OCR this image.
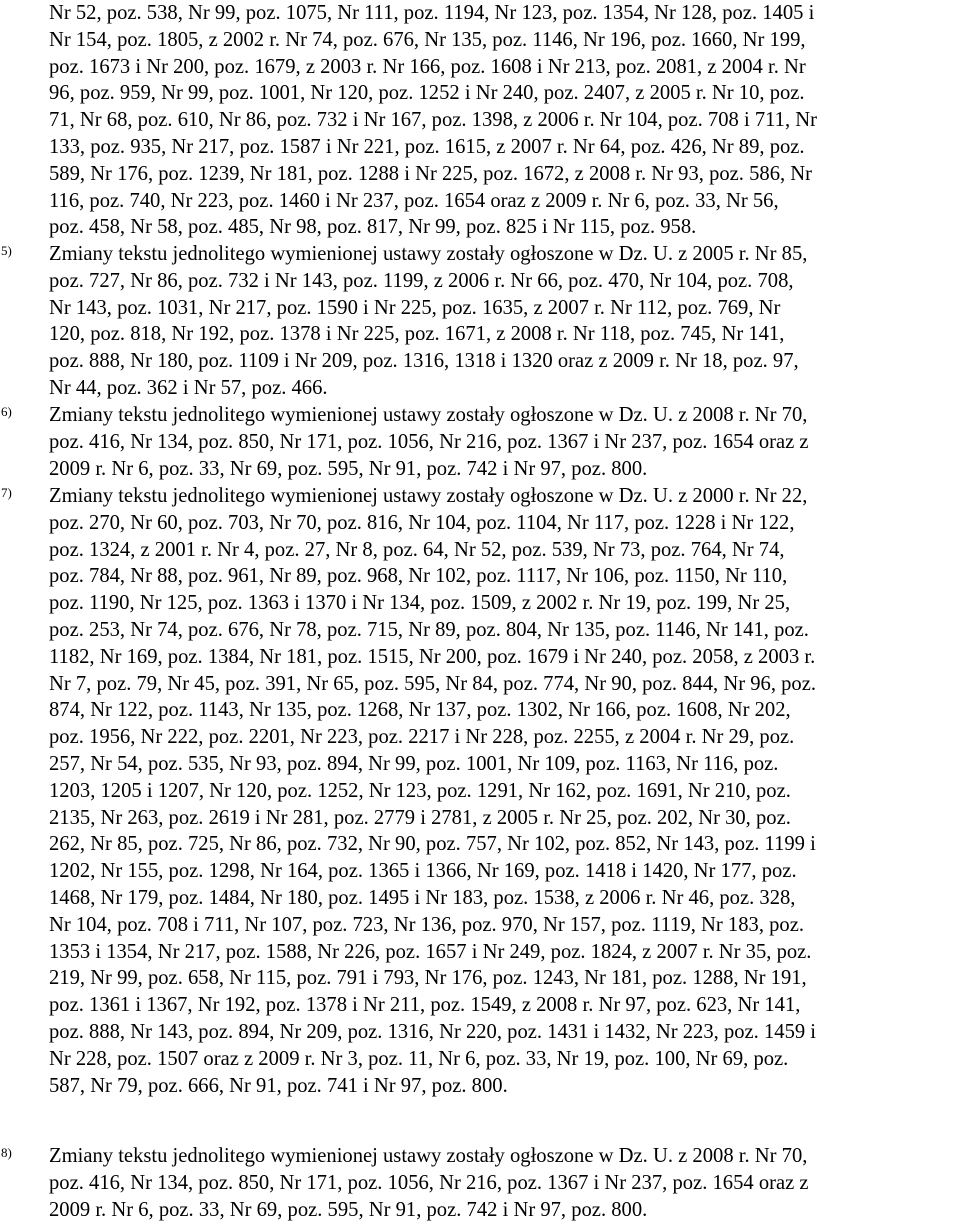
Nr 52, poz. 538, Nr 99, poz. 1075, Nr 111, poz. 1194, Nr 123, poz. 1354, Nr 128, poz. 1405 i
Nr 154, poz. 1805, z 2002 r. Nr 74, poz. 676, Nr 135, poz. 1146, Nr 196, poz. 1660, Nr 199,
poz. 1673 i Nr 200, poz. 1679, z 2003 r. Nr 166, poz. 1608 i Nr 213, poz. 2081, z 2004 r. Nr
96, poz. 959, Nr 99, poz. 1001, Nr 120, poz. 1252 i Nr 240, poz. 2407, z 2005 r. Nr 10, poz.
71, Nr 68, poz. 610, Nr 86, poz. 732 i Nr 167, poz. 1398, z 2006 r. Nr 104, poz. 708 i 711, Nr
133, poz. 935, Nr 217, poz. 1587 i Nr 221, poz. 1615, z 2007 r. Nr 64, poz. 426, Nr 89, poz.
589, Nr 176, poz. 1239, Nr 181, poz. 1288 i Nr 225, poz. 1672, z 2008 r. Nr 93, poz. 586, Nr
116, poz. 740, Nr 223, poz. 1460 i Nr 237, poz. 1654 oraz z 2009 r. Nr 6, poz. 33, Nr 56,
poz. 458, Nr 58, poz. 485, Nr 98, poz. 817, Nr 99, poz. 825 i Nr 115, poz. 958.
5) Zmiany tekstu jednolitego wymienionej ustawy zostały ogłoszone w Dz. U. z 2005 r. Nr 85,
poz. 727, Nr 86, poz. 732 i Nr 143, poz. 1199, z 2006 r. Nr 66, poz. 470, Nr 104, poz. 708,
Nr 143, poz. 1031, Nr 217, poz. 1590 i Nr 225, poz. 1635, z 2007 r. Nr 112, poz. 769, Nr
120, poz. 818, Nr 192, poz. 1378 i Nr 225, poz. 1671, z 2008 r. Nr 118, poz. 745, Nr 141,
poz. 888, Nr 180, poz. 1109 i Nr 209, poz. 1316, 1318 i 1320 oraz z 2009 r. Nr 18, poz. 97,
Nr 44, poz. 362 i Nr 57, poz. 466.
6) Zmiany tekstu jednolitego wymienionej ustawy zostały ogłoszone w Dz. U. z 2008 r. Nr 70,
poz. 416, Nr 134, poz. 850, Nr 171, poz. 1056, Nr 216, poz. 1367 i Nr 237, poz. 1654 oraz z
2009 r. Nr 6, poz. 33, Nr 69, poz. 595, Nr 91, poz. 742 i Nr 97, poz. 800.
7) Zmiany tekstu jednolitego wymienionej ustawy zostały ogłoszone w Dz. U. z 2000 r. Nr 22,
poz. 270, Nr 60, poz. 703, Nr 70, poz. 816, Nr 104, poz. 1104, Nr 117, poz. 1228 i Nr 122,
poz. 1324, z 2001 r. Nr 4, poz. 27, Nr 8, poz. 64, Nr 52, poz. 539, Nr 73, poz. 764, Nr 74,
poz. 784, Nr 88, poz. 961, Nr 89, poz. 968, Nr 102, poz. 1117, Nr 106, poz. 1150, Nr 110,
poz. 1190, Nr 125, poz. 1363 i 1370 i Nr 134, poz. 1509, z 2002 r. Nr 19, poz. 199, Nr 25,
poz. 253, Nr 74, poz. 676, Nr 78, poz. 715, Nr 89, poz. 804, Nr 135, poz. 1146, Nr 141, poz.
1182, Nr 169, poz. 1384, Nr 181, poz. 1515, Nr 200, poz. 1679 i Nr 240, poz. 2058, z 2003 r.
Nr 7, poz. 79, Nr 45, poz. 391, Nr 65, poz. 595, Nr 84, poz. 774, Nr 90, poz. 844, Nr 96, poz.
874, Nr 122, poz. 1143, Nr 135, poz. 1268, Nr 137, poz. 1302, Nr 166, poz. 1608, Nr 202,
poz. 1956, Nr 222, poz. 2201, Nr 223, poz. 2217 i Nr 228, poz. 2255, z 2004 r. Nr 29, poz.
257, Nr 54, poz. 535, Nr 93, poz. 894, Nr 99, poz. 1001, Nr 109, poz. 1163, Nr 116, poz.
1203, 1205 i 1207, Nr 120, poz. 1252, Nr 123, poz. 1291, Nr 162, poz. 1691, Nr 210, poz.
2135, Nr 263, poz. 2619 i Nr 281, poz. 2779 i 2781, z 2005 r. Nr 25, poz. 202, Nr 30, poz.
262, Nr 85, poz. 725, Nr 86, poz. 732, Nr 90, poz. 757, Nr 102, poz. 852, Nr 143, poz. 1199 i
1202, Nr 155, poz. 1298, Nr 164, poz. 1365 i 1366, Nr 169, poz. 1418 i 1420, Nr 177, poz.
1468, Nr 179, poz. 1484, Nr 180, poz. 1495 i Nr 183, poz. 1538, z 2006 r. Nr 46, poz. 328,
Nr 104, poz. 708 i 711, Nr 107, poz. 723, Nr 136, poz. 970, Nr 157, poz. 1119, Nr 183, poz.
1353 i 1354, Nr 217, poz. 1588, Nr 226, poz. 1657 i Nr 249, poz. 1824, z 2007 r. Nr 35, poz.
219, Nr 99, poz. 658, Nr 115, poz. 791 i 793, Nr 176, poz. 1243, Nr 181, poz. 1288, Nr 191,
poz. 1361 i 1367, Nr 192, poz. 1378 i Nr 211, poz. 1549, z 2008 r. Nr 97, poz. 623, Nr 141,
poz. 888, Nr 143, poz. 894, Nr 209, poz. 1316, Nr 220, poz. 1431 i 1432, Nr 223, poz. 1459 i
Nr 228, poz. 1507 oraz z 2009 r. Nr 3, poz. 11, Nr 6, poz. 33, Nr 19, poz. 100, Nr 69, poz.
587, Nr 79, poz. 666, Nr 91, poz. 741 i Nr 97, poz. 800.
8) Zmiany tekstu jednolitego wymienionej ustawy zostały ogłoszone w Dz. U. z 2008 r. Nr 70,
poz. 416, Nr 134, poz. 850, Nr 171, poz. 1056, Nr 216, poz. 1367 i Nr 237, poz. 1654 oraz z
2009 r. Nr 6, poz. 33, Nr 69, poz. 595, Nr 91, poz. 742 i Nr 97, poz. 800.
